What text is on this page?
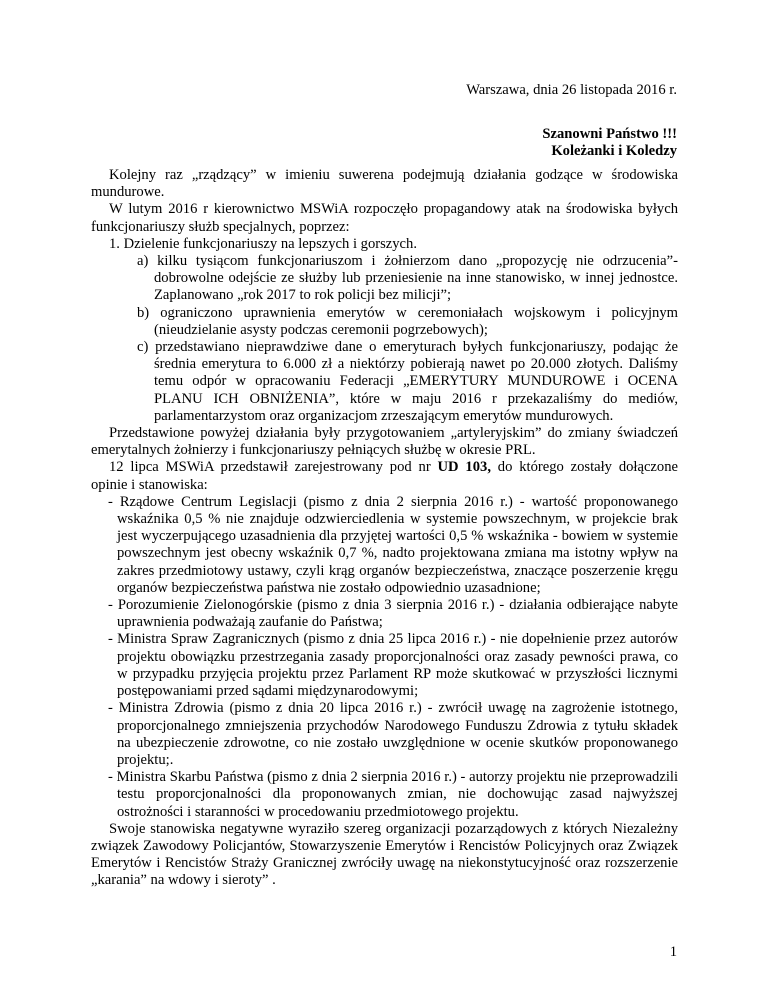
Warszawa, dnia 26 listopada 2016 r.
Szanowni Państwo !!!
Koleżanki i Koledzy

Kolejny raz „rządzący” w imieniu suwerena podejmują działania godzące w środowiska mundurowe.

W lutym 2016 r kierownictwo MSWiA rozpoczęło propagandowy atak na środowiska byłych funkcjonariuszy służb specjalnych, poprzez:

1. Dzielenie funkcjonariuszy na lepszych i gorszych.

a) kilku tysiącom funkcjonariuszom i żołnierzom dano „propozycję nie odrzucenia”- dobrowolne odejście ze służby lub przeniesienie na inne stanowisko, w innej jednostce. Zaplanowano „rok 2017 to rok policji bez milicji”;

b) ograniczono uprawnienia emerytów w ceremoniałach wojskowym i policyjnym (nieudzielanie asysty podczas ceremonii pogrzebowych);

c) przedstawiano nieprawdziwe dane o emeryturach byłych funkcjonariuszy, podając że średnia emerytura to 6.000 zł a niektórzy pobierają nawet po 20.000 złotych. Daliśmy temu odpór w opracowaniu Federacji „EMERYTURY MUNDUROWE i OCENA PLANU ICH OBNIŻENIA”, które w maju 2016 r przekazaliśmy do mediów, parlamentarzystom oraz organizacjom zrzeszającym emerytów mundurowych.

Przedstawione powyżej działania były przygotowaniem „artyleryjskim” do zmiany świadczeń emerytalnych żołnierzy i funkcjonariuszy pełniących służbę w okresie PRL.

12 lipca MSWiA przedstawił zarejestrowany pod nr UD 103, do którego zostały dołączone opinie i stanowiska:

- Rządowe Centrum Legislacji (pismo z dnia 2 sierpnia 2016 r.) - wartość proponowanego wskaźnika 0,5 % nie znajduje odzwierciedlenia w systemie powszechnym, w projekcie brak jest wyczerpującego uzasadnienia dla przyjętej wartości 0,5 % wskaźnika - bowiem w systemie powszechnym jest obecny wskaźnik 0,7 %, nadto projektowana zmiana ma istotny wpływ na zakres przedmiotowy ustawy, czyli krąg organów bezpieczeństwa, znaczące poszerzenie kręgu organów bezpieczeństwa państwa nie zostało odpowiednio uzasadnione;

- Porozumienie Zielonogórskie (pismo z dnia 3 sierpnia 2016 r.) - działania odbierające nabyte uprawnienia podważają zaufanie do Państwa;

- Ministra Spraw Zagranicznych (pismo z dnia 25 lipca 2016 r.) - nie dopełnienie przez autorów projektu obowiązku przestrzegania zasady proporcjonalności oraz zasady pewności prawa, co w przypadku przyjęcia projektu przez Parlament RP może skutkować w przyszłości licznymi postępowaniami przed sądami międzynarodowymi;

- Ministra Zdrowia (pismo z dnia 20 lipca 2016 r.) - zwrócił uwagę na zagrożenie istotnego, proporcjonalnego zmniejszenia przychodów Narodowego Funduszu Zdrowia z tytułu składek na ubezpieczenie zdrowotne, co nie zostało uwzględnione w ocenie skutków proponowanego projektu;.

- Ministra Skarbu Państwa (pismo z dnia 2 sierpnia 2016 r.) - autorzy projektu nie przeprowadzili testu proporcjonalności dla proponowanych zmian, nie dochowując zasad najwyższej ostrożności i staranności w procedowaniu przedmiotowego projektu.

Swoje stanowiska negatywne wyraziło szereg organizacji pozarządowych z których Niezależny związek Zawodowy Policjantów, Stowarzyszenie Emerytów i Rencistów Policyjnych oraz Związek Emerytów i Rencistów Straży Granicznej zwróciły uwagę na niekonstytucyjność oraz rozszerzenie „karania” na wdowy i sieroty” .

1
